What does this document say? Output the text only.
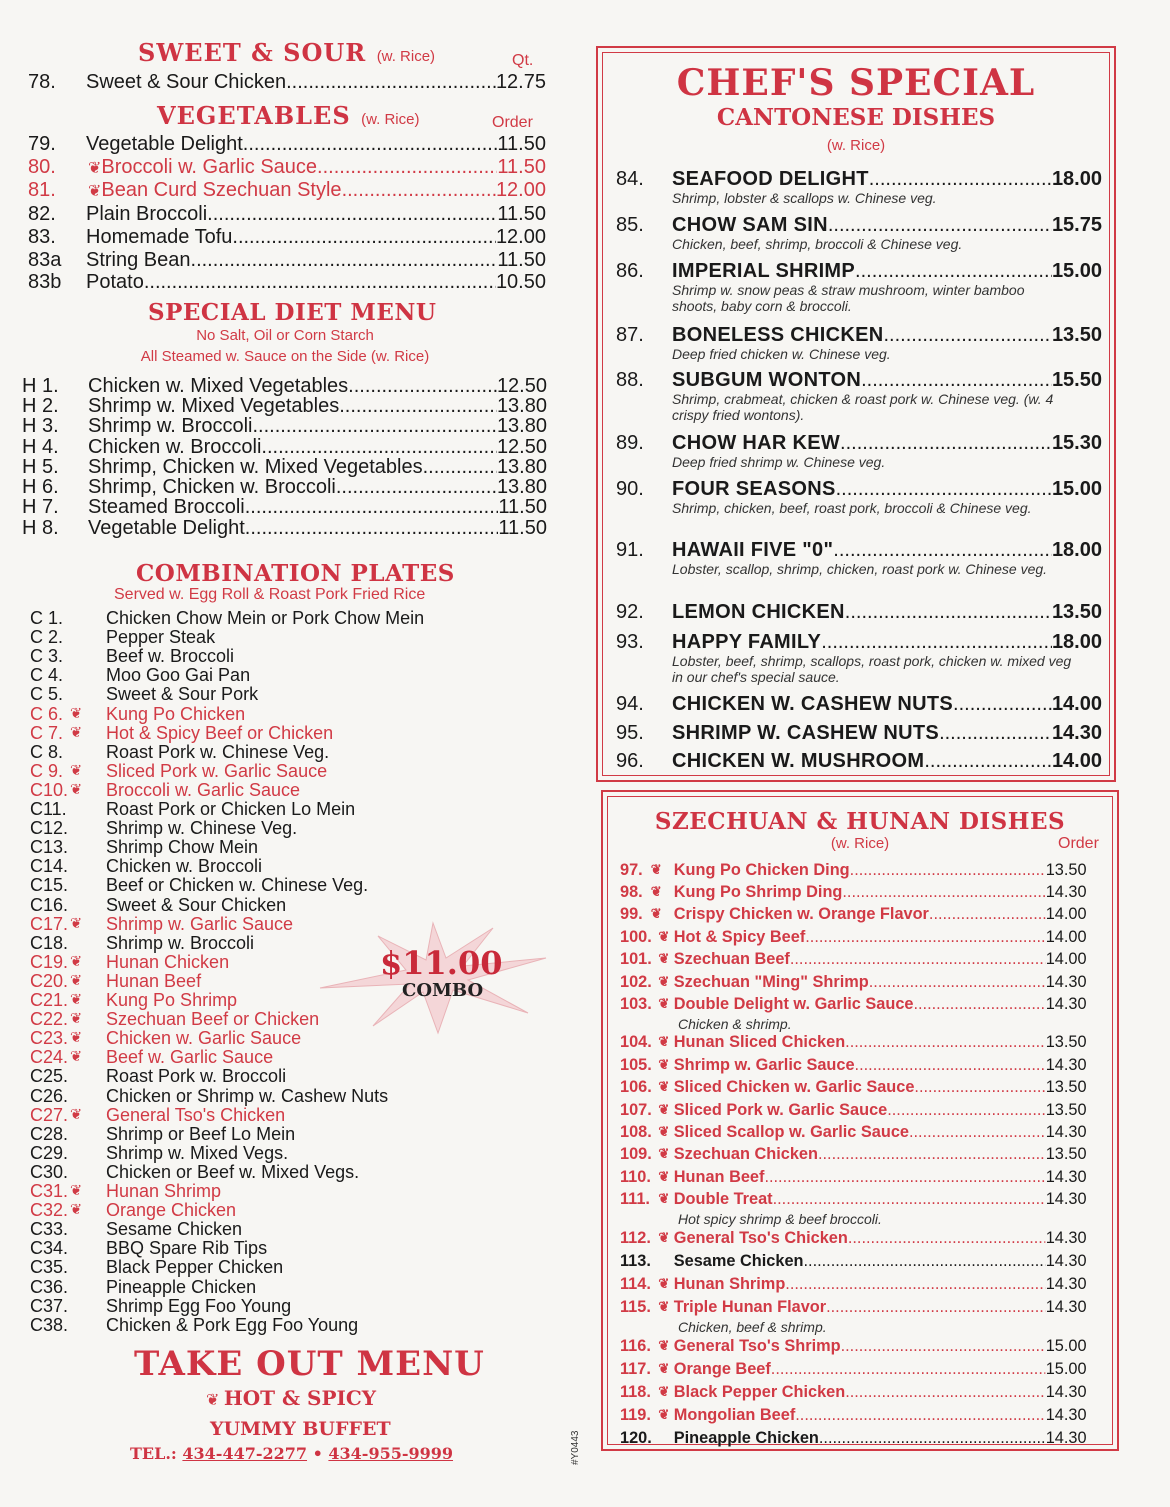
SWEET & SOUR (w. Rice)	Qt.
78.	Sweet & Sour Chicken .....	12.75
VEGETABLES (w. Rice)	Order
79.	Vegetable Delight .....	11.50
80.	❦ Broccoli w. Garlic Sauce .....	11.50
81.	❦ Bean Curd Szechuan Style .....	12.00
82.	Plain Broccoli .....	11.50
83.	Homemade Tofu .....	12.00
83a	String Bean .....	11.50
83b	Potato .....	10.50
SPECIAL DIET MENU
No Salt, Oil or Corn Starch
All Steamed w. Sauce on the Side (w. Rice)
H 1.	Chicken w. Mixed Vegetables .....	12.50
H 2.	Shrimp w. Mixed Vegetables .....	13.80
H 3.	Shrimp w. Broccoli .....	13.80
H 4.	Chicken w. Broccoli .....	12.50
H 5.	Shrimp, Chicken w. Mixed Vegetables .....	13.80
H 6.	Shrimp, Chicken w. Broccoli .....	13.80
H 7.	Steamed Broccoli .....	11.50
H 8.	Vegetable Delight .....	11.50
COMBINATION PLATES
Served w. Egg Roll & Roast Pork Fried Rice
C 1.	Chicken Chow Mein or Pork Chow Mein
C 2.	Pepper Steak
C 3.	Beef w. Broccoli
C 4.	Moo Goo Gai Pan
C 5.	Sweet & Sour Pork
C 6. ❦ Kung Po Chicken
C 7. ❦ Hot & Spicy Beef or Chicken
C 8.	Roast Pork w. Chinese Veg.
C 9. ❦ Sliced Pork w. Garlic Sauce
C10. ❦ Broccoli w. Garlic Sauce
C11.	Roast Pork or Chicken Lo Mein
C12.	Shrimp w. Chinese Veg.
C13.	Shrimp Chow Mein
C14.	Chicken w. Broccoli
C15.	Beef or Chicken w. Chinese Veg.
C16.	Sweet & Sour Chicken
C17. ❦ Shrimp w. Garlic Sauce
C18.	Shrimp w. Broccoli
C19. ❦ Hunan Chicken
C20. ❦ Hunan Beef
C21. ❦ Kung Po Shrimp
C22. ❦ Szechuan Beef or Chicken
C23. ❦ Chicken w. Garlic Sauce
C24. ❦ Beef w. Garlic Sauce
C25.	Roast Pork w. Broccoli
C26.	Chicken or Shrimp w. Cashew Nuts
C27. ❦ General Tso's Chicken
C28.	Shrimp or Beef Lo Mein
C29.	Shrimp w. Mixed Vegs.
C30.	Chicken or Beef w. Mixed Vegs.
C31. ❦ Hunan Shrimp
C32. ❦ Orange Chicken
C33.	Sesame Chicken
C34.	BBQ Spare Rib Tips
C35.	Black Pepper Chicken
C36.	Pineapple Chicken
C37.	Shrimp Egg Foo Young
C38.	Chicken & Pork Egg Foo Young
$11.00
COMBO
TAKE OUT MENU
❦ HOT & SPICY
YUMMY BUFFET
TEL.: 434-447-2277 • 434-955-9999	#Y0443
CHEF'S SPECIAL
CANTONESE DISHES
(w. Rice)
84.	SEAFOOD DELIGHT .....	18.00
Shrimp, lobster & scallops w. Chinese veg.
85.	CHOW SAM SIN .....	15.75
Chicken, beef, shrimp, broccoli & Chinese veg.
86.	IMPERIAL SHRIMP .....	15.00
Shrimp w. snow peas & straw mushroom, winter bamboo shoots, baby corn & broccoli.
87.	BONELESS CHICKEN .....	13.50
Deep fried chicken w. Chinese veg.
88.	SUBGUM WONTON .....	15.50
Shrimp, crabmeat, chicken & roast pork w. Chinese veg. (w. 4 crispy fried wontons).
89.	CHOW HAR KEW .....	15.30
Deep fried shrimp w. Chinese veg.
90.	FOUR SEASONS .....	15.00
Shrimp, chicken, beef, roast pork, broccoli & Chinese veg.
91.	HAWAII FIVE "0" .....	18.00
Lobster, scallop, shrimp, chicken, roast pork w. Chinese veg.
92.	LEMON CHICKEN .....	13.50
93.	HAPPY FAMILY .....	18.00
Lobster, beef, shrimp, scallops, roast pork, chicken w. mixed veg in our chef's special sauce.
94.	CHICKEN W. CASHEW NUTS .....	14.00
95.	SHRIMP W. CASHEW NUTS .....	14.30
96.	CHICKEN W. MUSHROOM .....	14.00
SZECHUAN & HUNAN DISHES
(w. Rice)	Order
97. ❦ Kung Po Chicken Ding .....	13.50
98. ❦ Kung Po Shrimp Ding .....	14.30
99. ❦ Crispy Chicken w. Orange Flavor .....	14.00
100. ❦ Hot & Spicy Beef .....	14.00
101. ❦ Szechuan Beef .....	14.00
102. ❦ Szechuan "Ming" Shrimp .....	14.30
103. ❦ Double Delight w. Garlic Sauce .....	14.30
Chicken & shrimp.
104. ❦ Hunan Sliced Chicken .....	13.50
105. ❦ Shrimp w. Garlic Sauce .....	14.30
106. ❦ Sliced Chicken w. Garlic Sauce .....	13.50
107. ❦ Sliced Pork w. Garlic Sauce .....	13.50
108. ❦ Sliced Scallop w. Garlic Sauce .....	14.30
109. ❦ Szechuan Chicken .....	13.50
110. ❦ Hunan Beef .....	14.30
111. ❦ Double Treat .....	14.30
Hot spicy shrimp & beef broccoli.
112. ❦ General Tso's Chicken .....	14.30
113.	Sesame Chicken .....	14.30
114. ❦ Hunan Shrimp .....	14.30
115. ❦ Triple Hunan Flavor .....	14.30
Chicken, beef & shrimp.
116. ❦ General Tso's Shrimp .....	15.00
117. ❦ Orange Beef .....	15.00
118. ❦ Black Pepper Chicken .....	14.30
119. ❦ Mongolian Beef .....	14.30
120.	Pineapple Chicken .....	14.30
